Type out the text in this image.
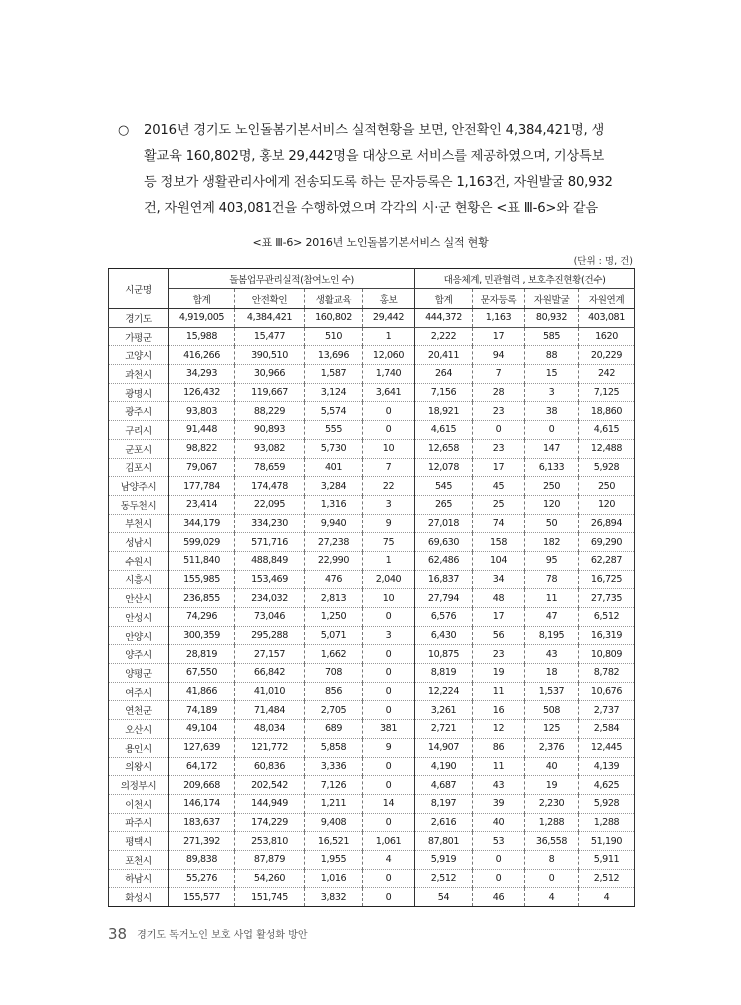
○	2016년 경기도 노인돌봄기본서비스 실적현황을 보면, 안전확인 4,384,421명, 생
활교육 160,802명, 홍보 29,442명을 대상으로 서비스를 제공하였으며, 기상특보
등 정보가 생활관리사에게 전송되도록 하는 문자등록은 1,163건, 자원발굴 80,932
건, 자원연계 403,081건을 수행하였으며 각각의 시·군 현황은 <표 Ⅲ-6>와 같음
<표 Ⅲ-6> 2016년 노인돌봄기본서비스 실적 현황
(단위 : 명, 건)
시군명	돌봄업무관리실적(참여노인 수)				대응체계, 민관협력 , 보호추진현황(건수)			
	합계	안전확인	생활교육	홍보	합계	문자등록	자원발굴	자원연계
경기도	4,919,005	4,384,421	160,802	29,442	444,372	1,163	80,932	403,081
가평군	15,988	15,477	510	1	2,222	17	585	1620
고양시	416,266	390,510	13,696	12,060	20,411	94	88	20,229
과천시	34,293	30,966	1,587	1,740	264	7	15	242
광명시	126,432	119,667	3,124	3,641	7,156	28	3	7,125
광주시	93,803	88,229	5,574	0	18,921	23	38	18,860
구리시	91,448	90,893	555	0	4,615	0	0	4,615
군포시	98,822	93,082	5,730	10	12,658	23	147	12,488
김포시	79,067	78,659	401	7	12,078	17	6,133	5,928
남양주시	177,784	174,478	3,284	22	545	45	250	250
동두천시	23,414	22,095	1,316	3	265	25	120	120
부천시	344,179	334,230	9,940	9	27,018	74	50	26,894
성남시	599,029	571,716	27,238	75	69,630	158	182	69,290
수원시	511,840	488,849	22,990	1	62,486	104	95	62,287
시흥시	155,985	153,469	476	2,040	16,837	34	78	16,725
안산시	236,855	234,032	2,813	10	27,794	48	11	27,735
안성시	74,296	73,046	1,250	0	6,576	17	47	6,512
안양시	300,359	295,288	5,071	3	6,430	56	8,195	16,319
양주시	28,819	27,157	1,662	0	10,875	23	43	10,809
양평군	67,550	66,842	708	0	8,819	19	18	8,782
여주시	41,866	41,010	856	0	12,224	11	1,537	10,676
연천군	74,189	71,484	2,705	0	3,261	16	508	2,737
오산시	49,104	48,034	689	381	2,721	12	125	2,584
용인시	127,639	121,772	5,858	9	14,907	86	2,376	12,445
의왕시	64,172	60,836	3,336	0	4,190	11	40	4,139
의정부시	209,668	202,542	7,126	0	4,687	43	19	4,625
이천시	146,174	144,949	1,211	14	8,197	39	2,230	5,928
파주시	183,637	174,229	9,408	0	2,616	40	1,288	1,288
평택시	271,392	253,810	16,521	1,061	87,801	53	36,558	51,190
포천시	89,838	87,879	1,955	4	5,919	0	8	5,911
하남시	55,276	54,260	1,016	0	2,512	0	0	2,512
화성시	155,577	151,745	3,832	0	54	46	4	4
38 경기도 독거노인 보호 사업 활성화 방안
